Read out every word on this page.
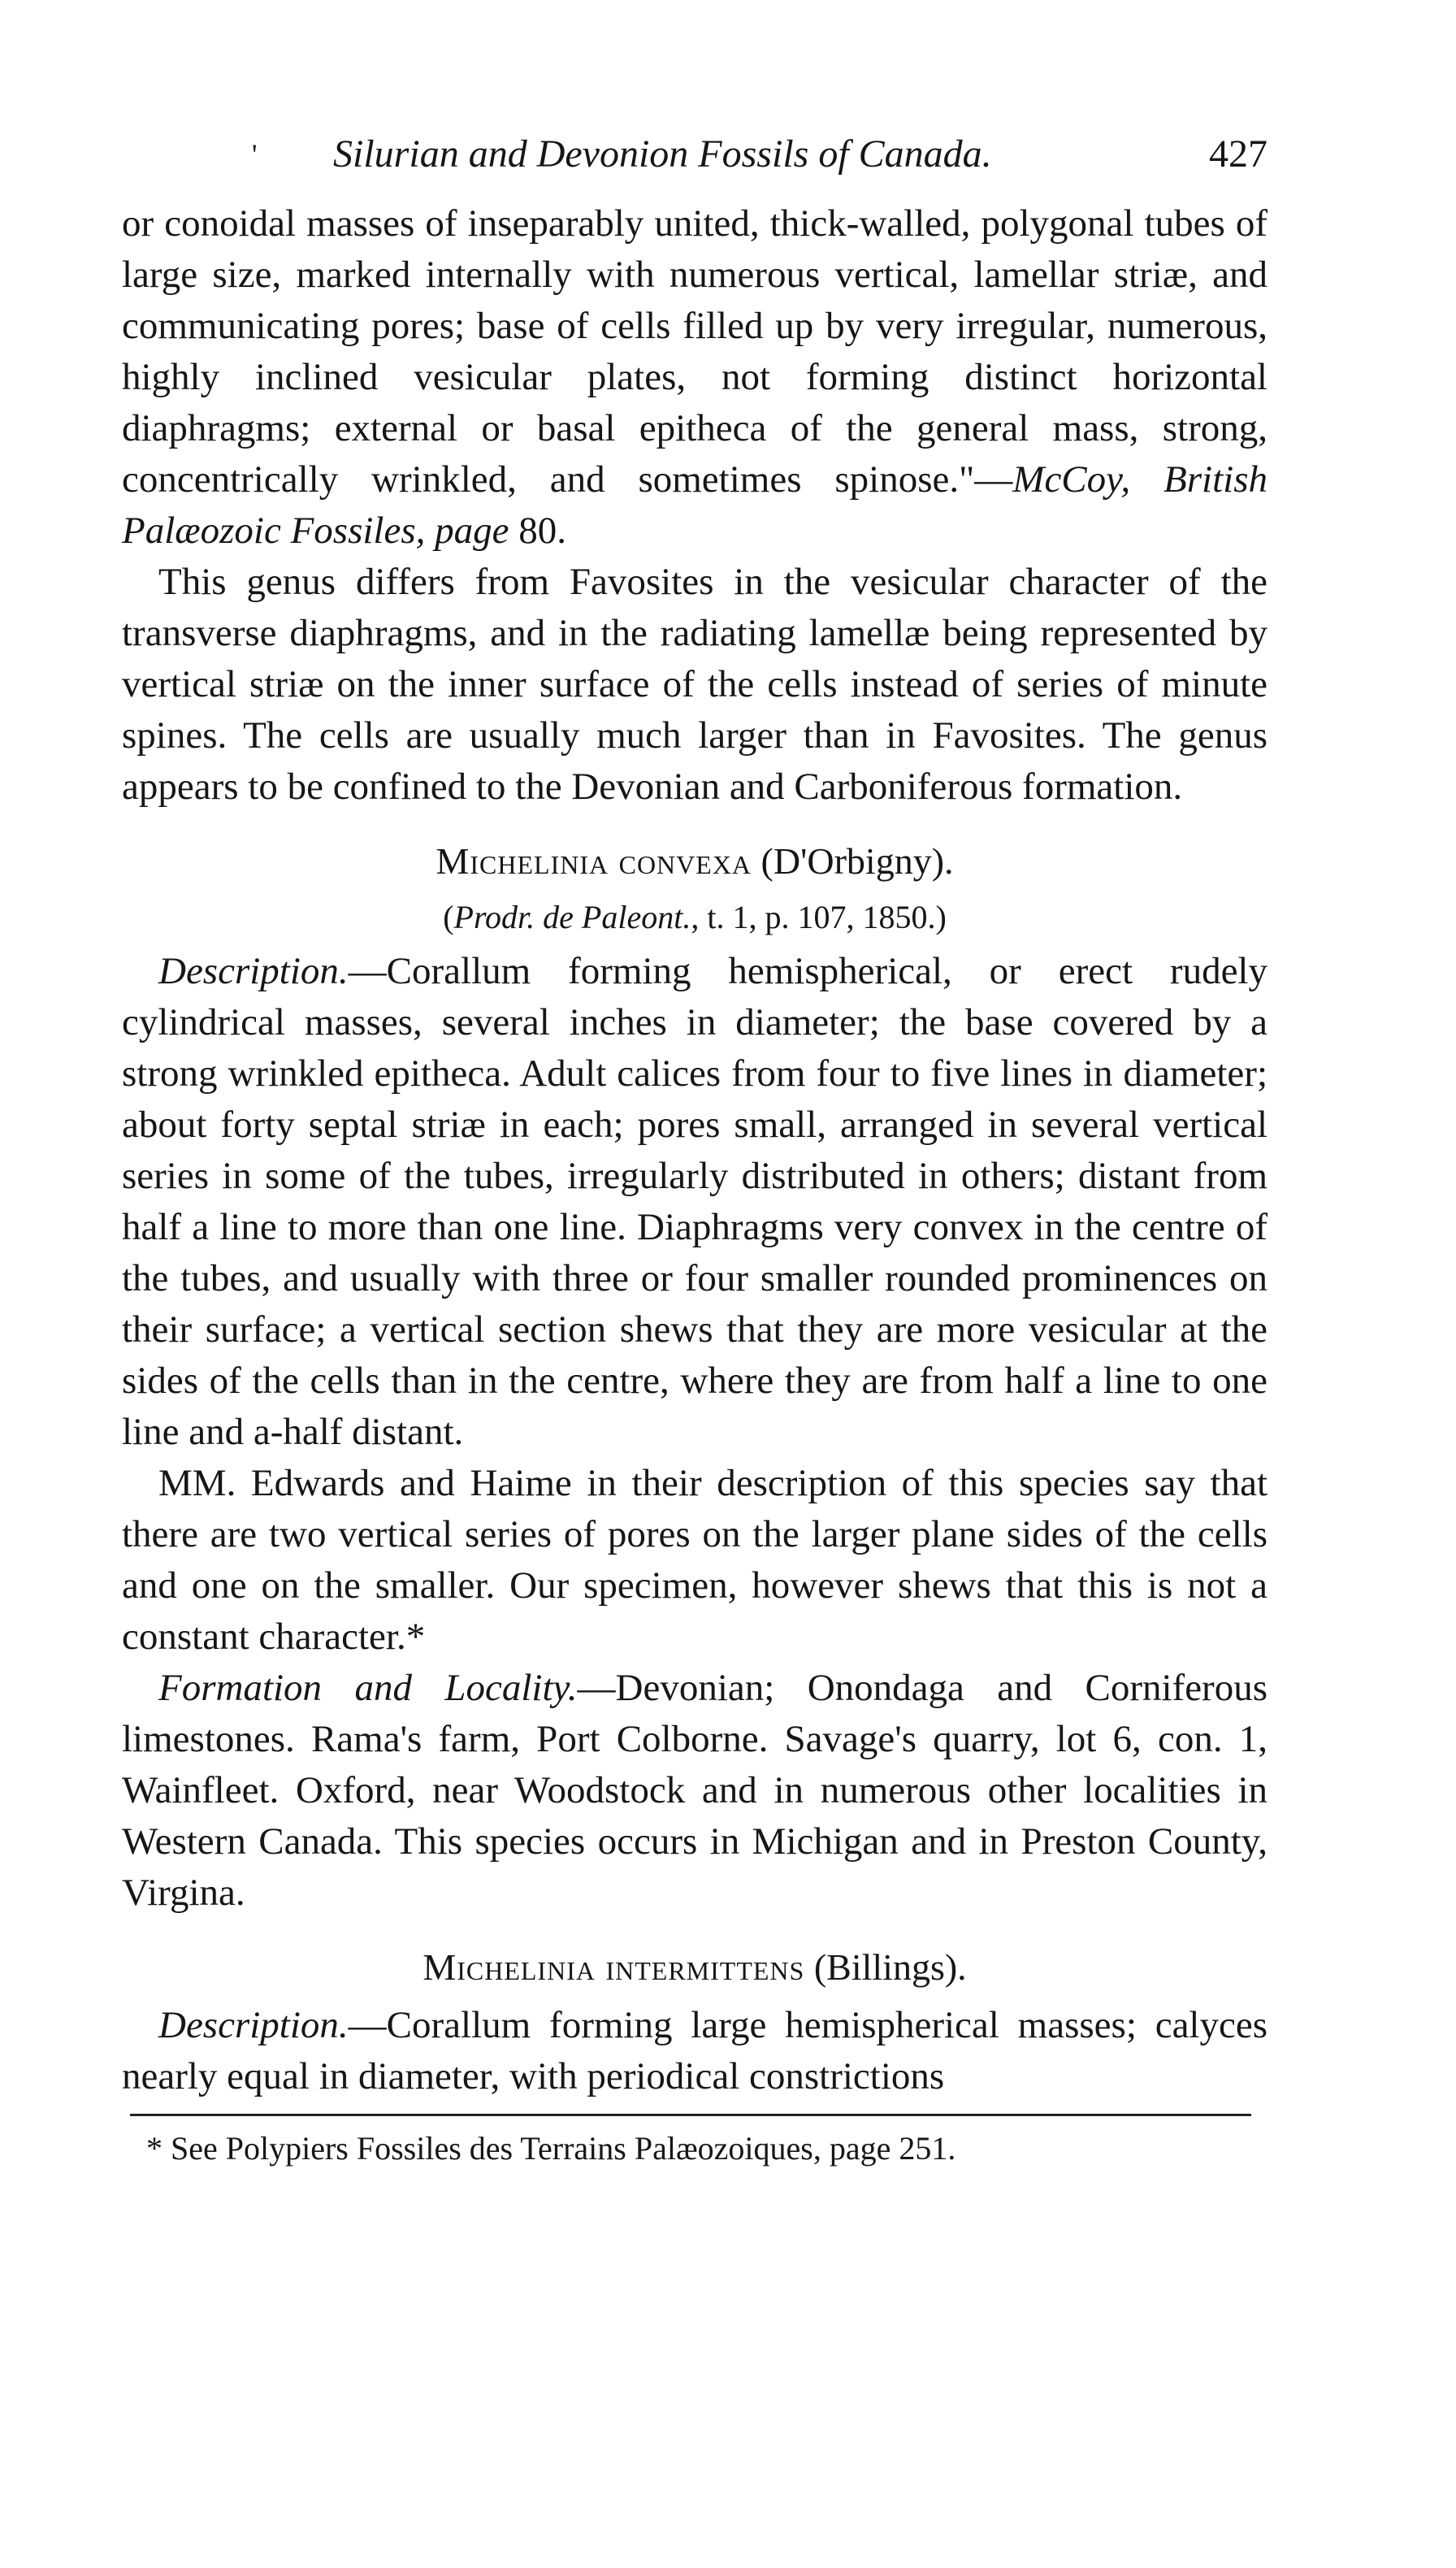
' Silurian and Devonion Fossils of Canada.	427

or conoidal masses of inseparably united, thick-walled, polygonal tubes of large size, marked internally with numerous vertical, lamellar striæ, and communicating pores; base of cells filled up by very irregular, numerous, highly inclined vesicular plates, not forming distinct horizontal diaphragms; external or basal epitheca of the general mass, strong, concentrically wrinkled, and sometimes spinose."—McCoy, British Palæozoic Fossiles, page 80.

This genus differs from Favosites in the vesicular character of the transverse diaphragms, and in the radiating lamellæ being represented by vertical striæ on the inner surface of the cells instead of series of minute spines. The cells are usually much larger than in Favosites. The genus appears to be confined to the Devonian and Carboniferous formation.

Michelinia convexa (D'Orbigny).
(Prodr. de Paleont., t. 1, p. 107, 1850.)

Description.—Corallum forming hemispherical, or erect rudely cylindrical masses, several inches in diameter; the base covered by a strong wrinkled epitheca. Adult calices from four to five lines in diameter; about forty septal striæ in each; pores small, arranged in several vertical series in some of the tubes, irregularly distributed in others; distant from half a line to more than one line. Diaphragms very convex in the centre of the tubes, and usually with three or four smaller rounded prominences on their surface; a vertical section shews that they are more vesicular at the sides of the cells than in the centre, where they are from half a line to one line and a-half distant.

MM. Edwards and Haime in their description of this species say that there are two vertical series of pores on the larger plane sides of the cells and one on the smaller. Our specimen, however shews that this is not a constant character.*

Formation and Locality.—Devonian; Onondaga and Corniferous limestones. Rama's farm, Port Colborne. Savage's quarry, lot 6, con. 1, Wainfleet. Oxford, near Woodstock and in numerous other localities in Western Canada. This species occurs in Michigan and in Preston County, Virgina.

Michelinia intermittens (Billings).

Description.—Corallum forming large hemispherical masses; calyces nearly equal in diameter, with periodical constrictions

* See Polypiers Fossiles des Terrains Palæozoiques, page 251.
